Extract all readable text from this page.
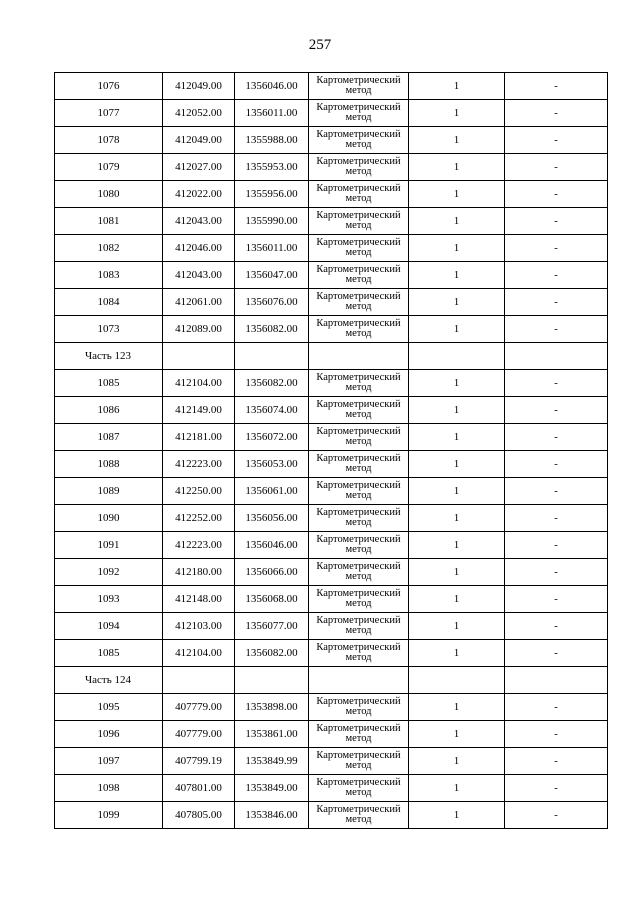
257
1076	412049.00	1356046.00	Картометрический
метод	1	-
1077	412052.00	1356011.00	Картометрический
метод	1	-
1078	412049.00	1355988.00	Картометрический
метод	1	-
1079	412027.00	1355953.00	Картометрический
метод	1	-
1080	412022.00	1355956.00	Картометрический
метод	1	-
1081	412043.00	1355990.00	Картометрический
метод	1	-
1082	412046.00	1356011.00	Картометрический
метод	1	-
1083	412043.00	1356047.00	Картометрический
метод	1	-
1084	412061.00	1356076.00	Картометрический
метод	1	-
1073	412089.00	1356082.00	Картометрический
метод	1	-
Часть 123					
1085	412104.00	1356082.00	Картометрический
метод	1	-
1086	412149.00	1356074.00	Картометрический
метод	1	-
1087	412181.00	1356072.00	Картометрический
метод	1	-
1088	412223.00	1356053.00	Картометрический
метод	1	-
1089	412250.00	1356061.00	Картометрический
метод	1	-
1090	412252.00	1356056.00	Картометрический
метод	1	-
1091	412223.00	1356046.00	Картометрический
метод	1	-
1092	412180.00	1356066.00	Картометрический
метод	1	-
1093	412148.00	1356068.00	Картометрический
метод	1	-
1094	412103.00	1356077.00	Картометрический
метод	1	-
1085	412104.00	1356082.00	Картометрический
метод	1	-
Часть 124					
1095	407779.00	1353898.00	Картометрический
метод	1	-
1096	407779.00	1353861.00	Картометрический
метод	1	-
1097	407799.19	1353849.99	Картометрический
метод	1	-
1098	407801.00	1353849.00	Картометрический
метод	1	-
1099	407805.00	1353846.00	Картометрический
метод	1	-
